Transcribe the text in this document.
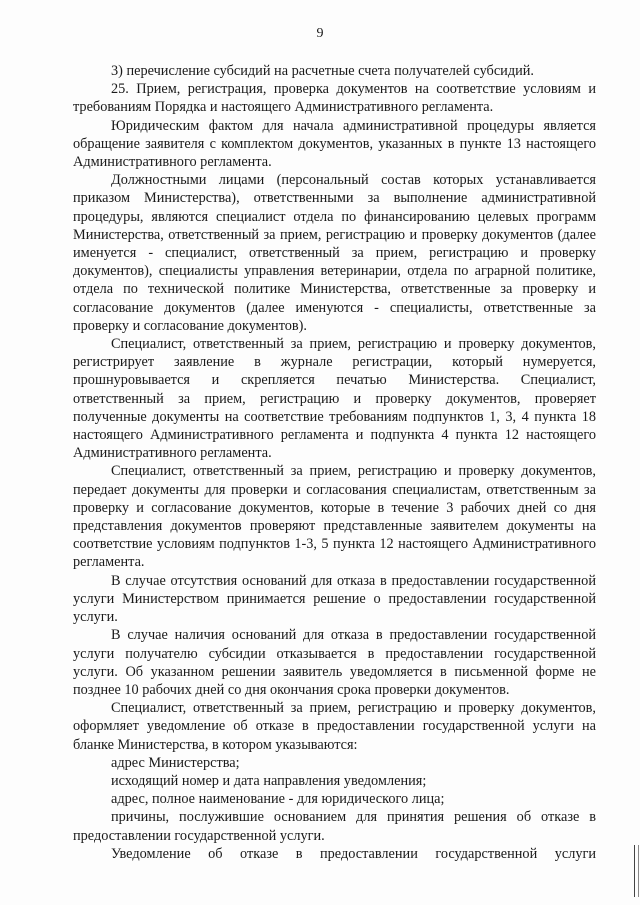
9

3) перечисление субсидий на расчетные счета получателей субсидий.

25. Прием, регистрация, проверка документов на соответствие условиям и требованиям Порядка и настоящего Административного регламента.

Юридическим фактом для начала административной процедуры является обращение заявителя с комплектом документов, указанных в пункте 13 настоящего Административного регламента.

Должностными лицами (персональный состав которых устанавливается приказом Министерства), ответственными за выполнение административной процедуры, являются специалист отдела по финансированию целевых программ Министерства, ответственный за прием, регистрацию и проверку документов (далее именуется - специалист, ответственный за прием, регистрацию и проверку документов), специалисты управления ветеринарии, отдела по аграрной политике, отдела по технической политике Министерства, ответственные за проверку и согласование документов (далее именуются - специалисты, ответственные за проверку и согласование документов).

Специалист, ответственный за прием, регистрацию и проверку документов, регистрирует заявление в журнале регистрации, который нумеруется, прошнуровывается и скрепляется печатью Министерства. Специалист, ответственный за прием, регистрацию и проверку документов, проверяет полученные документы на соответствие требованиям подпунктов 1, 3, 4 пункта 18 настоящего Административного регламента и подпункта 4 пункта 12 настоящего Административного регламента.

Специалист, ответственный за прием, регистрацию и проверку документов, передает документы для проверки и согласования специалистам, ответственным за проверку и согласование документов, которые в течение 3 рабочих дней со дня представления документов проверяют представленные заявителем документы на соответствие условиям подпунктов 1-3, 5 пункта 12 настоящего Административного регламента.

В случае отсутствия оснований для отказа в предоставлении государственной услуги Министерством принимается решение о предоставлении государственной услуги.

В случае наличия оснований для отказа в предоставлении государственной услуги получателю субсидии отказывается в предоставлении государственной услуги. Об указанном решении заявитель уведомляется в письменной форме не позднее 10 рабочих дней со дня окончания срока проверки документов.

Специалист, ответственный за прием, регистрацию и проверку документов, оформляет уведомление об отказе в предоставлении государственной услуги на бланке Министерства, в котором указываются:

адрес Министерства;

исходящий номер и дата направления уведомления;

адрес, полное наименование - для юридического лица;

причины, послужившие основанием для принятия решения об отказе в предоставлении государственной услуги.

Уведомление об отказе в предоставлении государственной услуги
